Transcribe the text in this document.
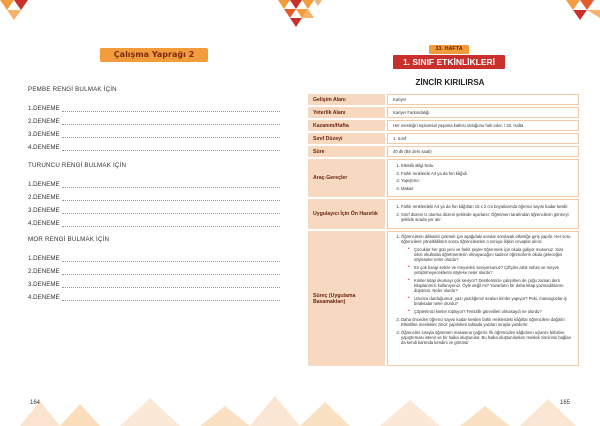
Çalışma Yaprağı 2
PEMBE RENGİ BULMAK İÇİN
1.DENEME
2.DENEME
3.DENEME
4.DENEME
TURUNCU RENGİ BULMAK İÇİN
1.DENEME
2.DENEME
3.DENEME
4.DENEME
MOR RENGİ BULMAK İÇİN
1.DENEME
2.DENEME
3.DENEME
4.DENEME
164
33. HAFTA
1. SINIF ETKİNLİKLERİ
ZİNCİR KIRILIRSA
Gelişim Alanı	Kariyer
Yeterlik Alanı	Kariyer Farkındalığı
Kazanım/Hafta	Her mesleğin toplumsal yaşama katkısı olduğunu fark eder. / 33. Hafta
Sınıf Düzeyi	1. Sınıf
Süre	40 dk (Bir ders saati)
Araç-Gereçler
1. Etkinlik Bilgi Notu
2. Farklı renklerde A4 ya da fon kâğıdı
3. Yapıştırıcı
4. Makas
Uygulayıcı İçin Ön Hazırlık
1. Farklı renklerdeki A4 ya da fon kâğıtları 15 x 2 cm boyutlarında öğrenci sayısı kadar kesilir.
2. Sınıf düzeni U oturma düzeni şeklinde ayarlanır. Öğretmen tarafından öğrencilerin görmeyi şeklide sırada yer alır.
Süreç (Uygulama Basamakları)
1. Öğrencilerin dikkatini çekmek için aşağıdaki sorular sorularak etkinliğe giriş yapılır. Her soru öğrencilere yöneltildikten sonra öğrencilerden o soruya ilişkin cevaplar alınır.
• Çocuklar her gün yeni ve farklı şeyler öğrenmek için okula gidiyor musunuz. Size sıkılı okullarda öğretmenlerin olmayacağını sadece öğrencilerin okula geleceğini söyleseler neler olurdu?
• En çok hangi sebze ve meyveleri seviyorsunuz? Çiftçiler artık sebze ve meyve yetiştirmeyeceklerini söylese neler olurdu?
• Kimler kitap okumayı çok seviyor? Derslerimize çalışırken de çoğu zaman ders kitaplarımızı kullanıyoruz. Öyle değil mi? Yazarların bir daha kitap yazmadıklarını düşünün. Neler olurdu?
• Uzunca durduğumuz, yazı yazdığımız sıraları kimler yapıyor? Peki, marangozlar iş bıraksalar neler olurdu?
• Çöplerimizi kimler topluyor? Temizlik görevlileri olmasaydı ne olurdu?
2. Daha önceden öğrenci sayısı kadar kesilen farklı renklerdeki kâğıtlar öğrencilere dağıtılır. Etkinlikte meslekler zincir yapılırken tahtada yazıları sırayla yazdırılır.
3. Öğrenciler sırayla öğretmen masasına çağırılır. İlk öğrenciden kâğıdının uçlarını birbirine yapıştırması istenir ve bir halka oluşturulur. Bu halka oluşturulurken meslek zincirinin bağları da kendi kartında kendini ve görünür
165
